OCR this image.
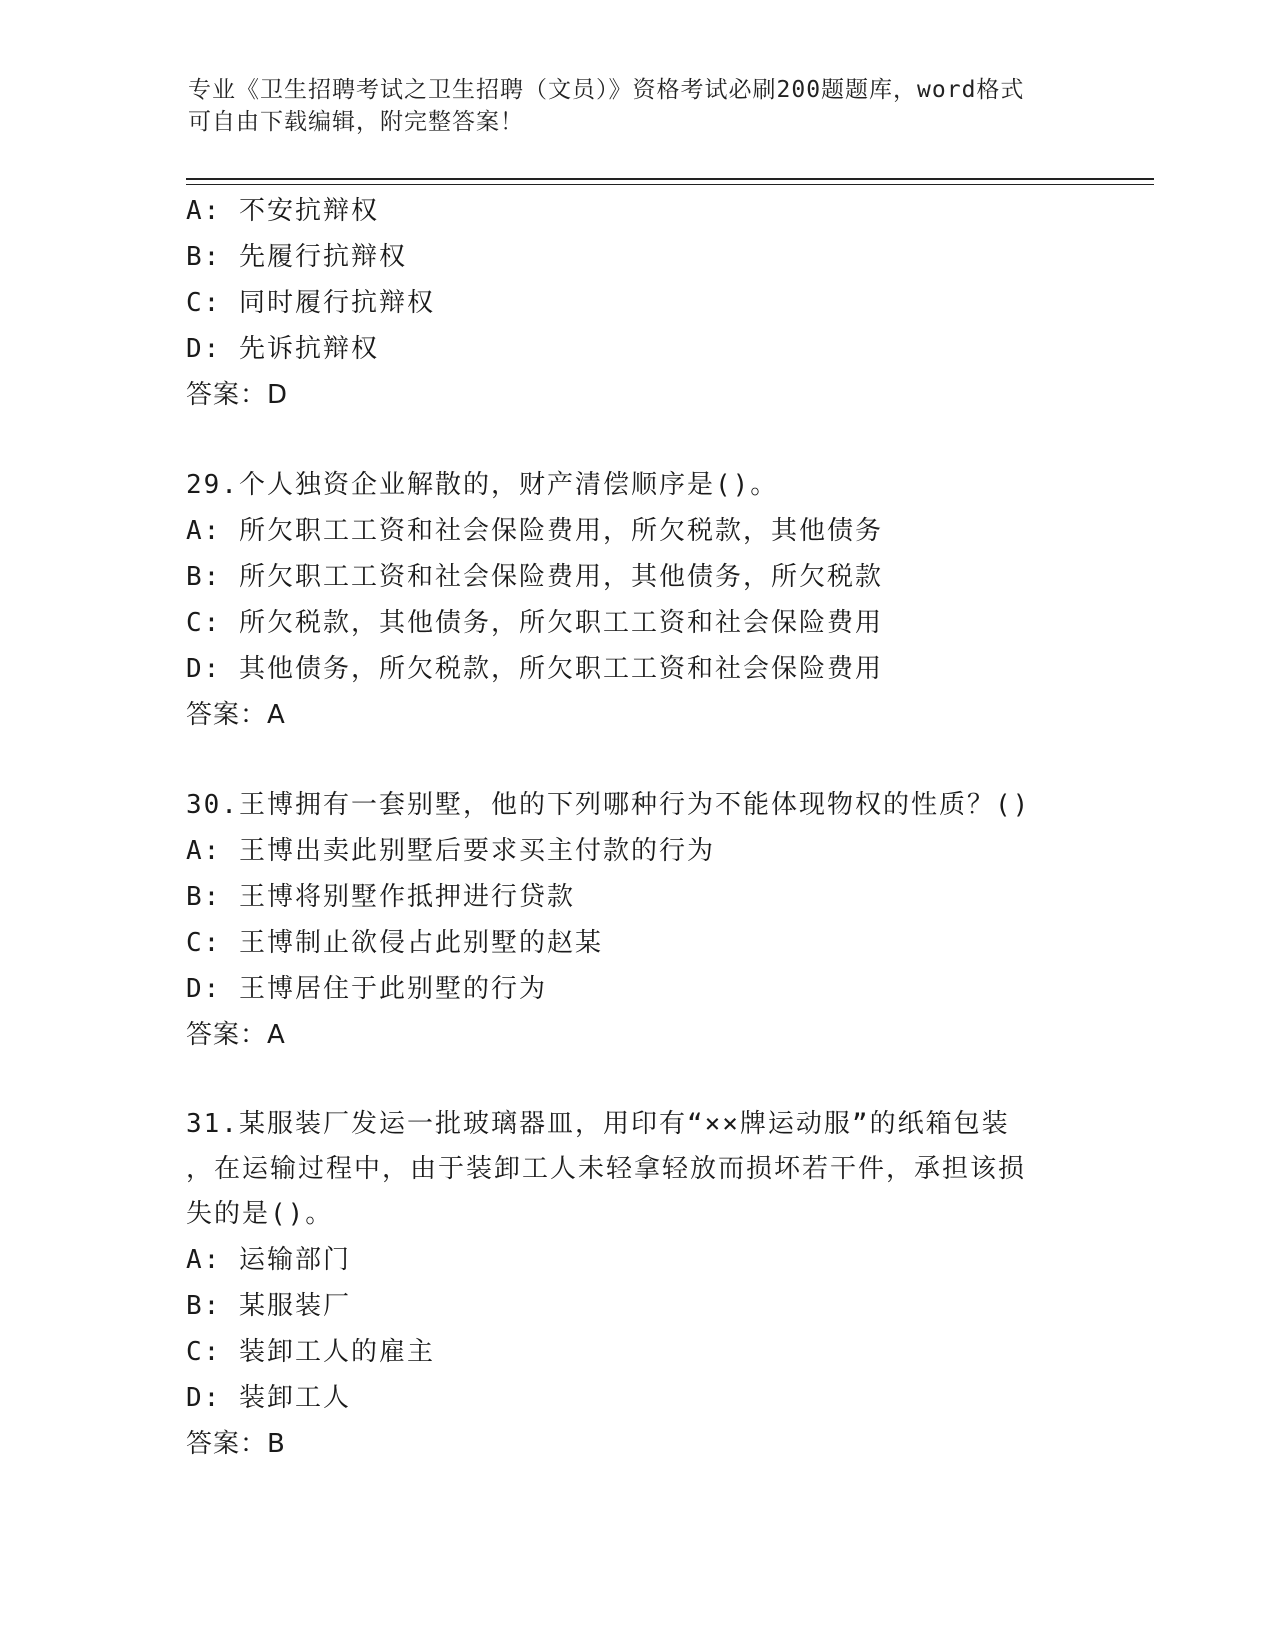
专业《卫生招聘考试之卫生招聘（文员）》资格考试必刷200题题库，word格式
可自由下载编辑，附完整答案！
A: 不安抗辩权
B: 先履行抗辩权
C: 同时履行抗辩权
D: 先诉抗辩权
答案：D
29.个人独资企业解散的，财产清偿顺序是()。
A: 所欠职工工资和社会保险费用，所欠税款，其他债务
B: 所欠职工工资和社会保险费用，其他债务，所欠税款
C: 所欠税款，其他债务，所欠职工工资和社会保险费用
D: 其他债务，所欠税款，所欠职工工资和社会保险费用
答案：A
30.王博拥有一套别墅，他的下列哪种行为不能体现物权的性质？()
A: 王博出卖此别墅后要求买主付款的行为
B: 王博将别墅作抵押进行贷款
C: 王博制止欲侵占此别墅的赵某
D: 王博居住于此别墅的行为
答案：A
31.某服装厂发运一批玻璃器皿，用印有“××牌运动服”的纸箱包装
，在运输过程中，由于装卸工人未轻拿轻放而损坏若干件，承担该损
失的是()。
A: 运输部门
B: 某服装厂
C: 装卸工人的雇主
D: 装卸工人
答案：B
